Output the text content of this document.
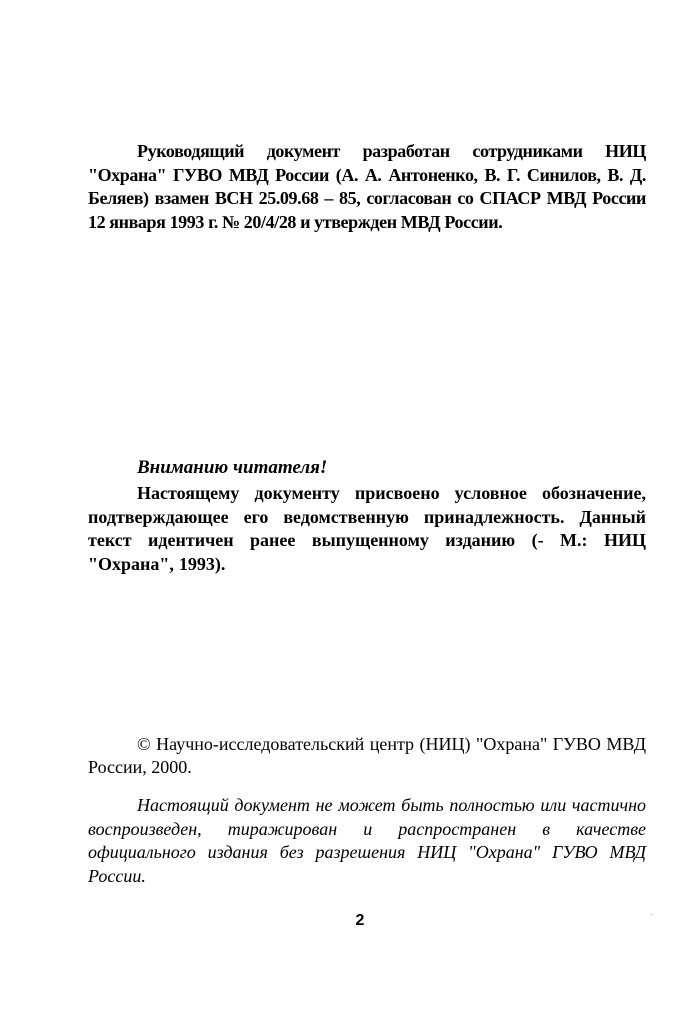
Руководящий документ разработан сотрудниками НИЦ "Охрана" ГУВО МВД России (А. А. Антоненко, В. Г. Синилов, В. Д. Беляев) взамен ВСН 25.09.68 – 85, согласован со СПАСР МВД России 12 января 1993 г. № 20/4/28 и утвержден МВД России.

Вниманию читателя!

Настоящему документу присвоено условное обозначение, подтверждающее его ведомственную принадлежность. Данный текст идентичен ранее выпущенному изданию (- М.: НИЦ "Охрана", 1993).

© Научно-исследовательский центр (НИЦ) "Охрана" ГУВО МВД России, 2000.

Настоящий документ не может быть полностью или частично воспроизведен, тиражирован и распространен в качестве официального издания без разрешения НИЦ "Охрана" ГУВО МВД России.

2
